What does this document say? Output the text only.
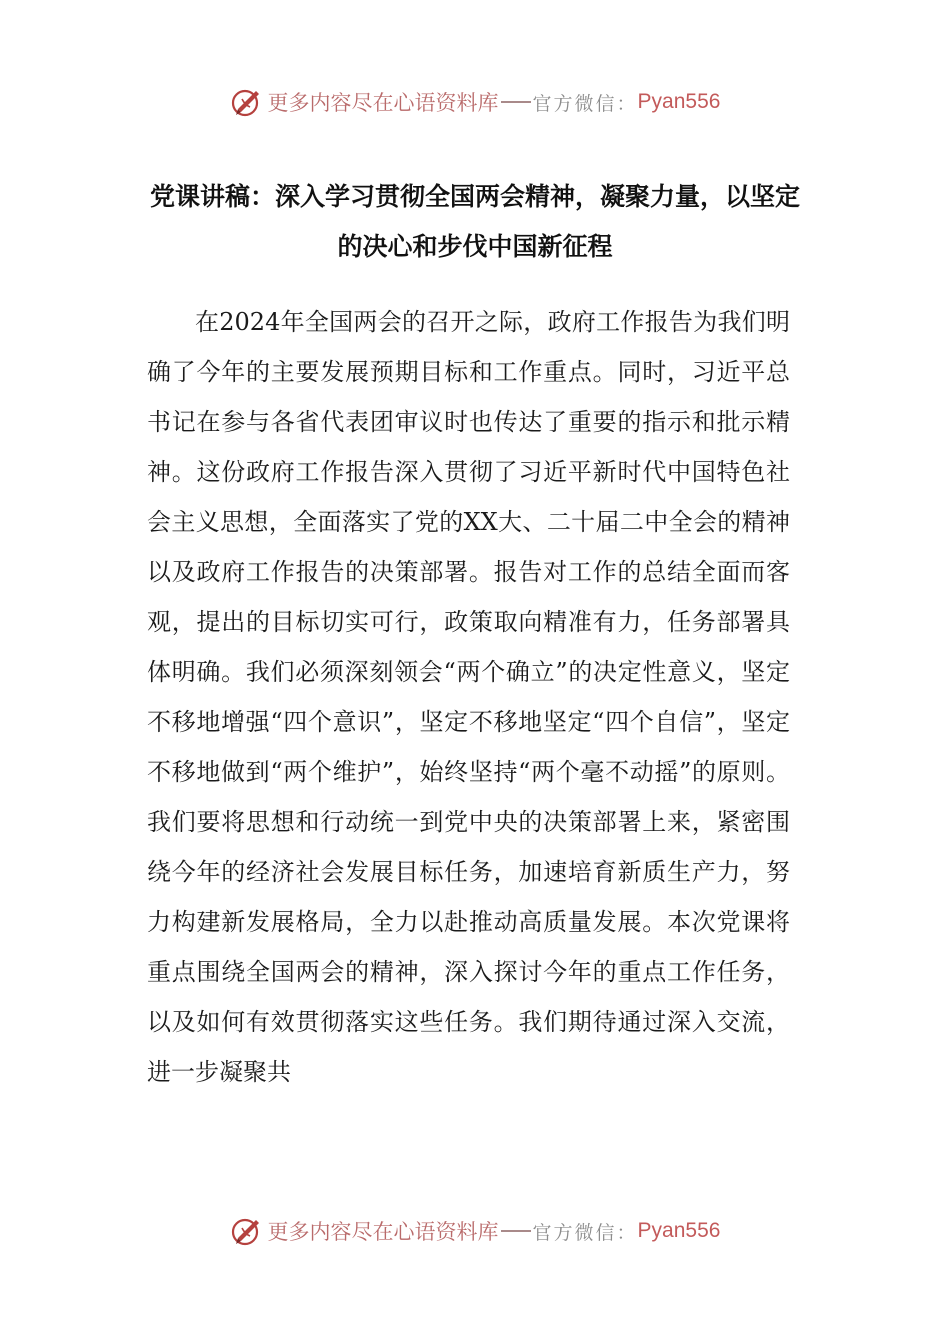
更多内容尽在心语资料库 官方微信： Pyan556
党课讲稿：深入学习贯彻全国两会精神，凝聚力量，以坚定的决心和步伐中国新征程

在2024年全国两会的召开之际，政府工作报告为我们明确了今年的主要发展预期目标和工作重点。同时，习近平总书记在参与各省代表团审议时也传达了重要的指示和批示精神。这份政府工作报告深入贯彻了习近平新时代中国特色社会主义思想，全面落实了党的XX大、二十届二中全会的精神以及政府工作报告的决策部署。报告对工作的总结全面而客观，提出的目标切实可行，政策取向精准有力，任务部署具体明确。我们必须深刻领会“两个确立”的决定性意义，坚定不移地增强“四个意识”，坚定不移地坚定“四个自信”，坚定不移地做到“两个维护”，始终坚持“两个毫不动摇”的原则。我们要将思想和行动统一到党中央的决策部署上来，紧密围绕今年的经济社会发展目标任务，加速培育新质生产力，努力构建新发展格局，全力以赴推动高质量发展。本次党课将重点围绕全国两会的精神，深入探讨今年的重点工作任务，以及如何有效贯彻落实这些任务。我们期待通过深入交流，进一步凝聚共

更多内容尽在心语资料库 官方微信： Pyan556
